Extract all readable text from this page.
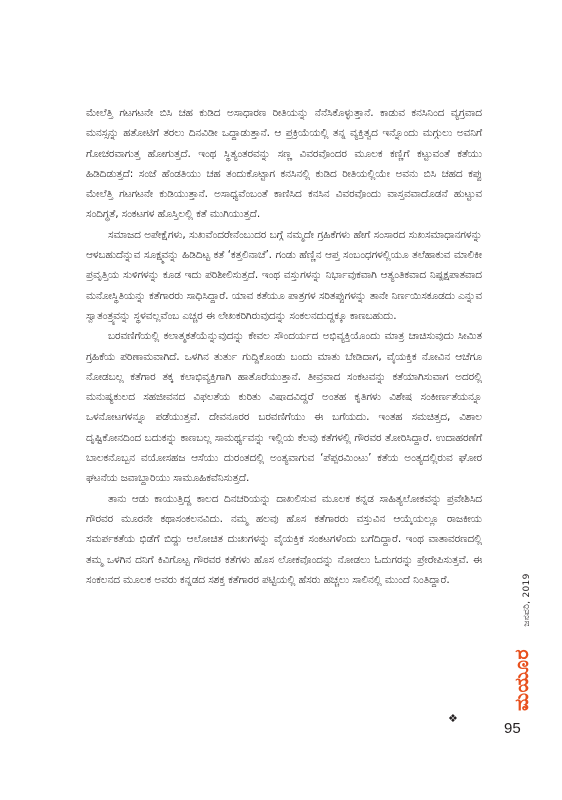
ಮೇಲೆತ್ತಿ ಗಟಗಟನೇ ಬಿಸಿ ಚಹ ಕುಡಿದ ಅಸಾಧಾರಣ ರೀತಿಯನ್ನು ನೆನೆಸಿಕೊಳ್ಳುತ್ತಾನೆ. ಕಾಡುವ ಕನಸಿನಿಂದ ವ್ಯಗ್ರವಾದ ಮನಸ್ಸನ್ನು ಹತೋಟಿಗೆ ತರಲು ದಿನವಿಡೀ ಒದ್ದಾಡುತ್ತಾನೆ. ಆ ಪ್ರಕ್ರಿಯೆಯಲ್ಲಿ ತನ್ನ ವ್ಯಕ್ತಿತ್ವದ ಇನ್ನೊಂದು ಮಗ್ಗುಲು ಅವನಿಗೆ ಗೋಚರವಾಗುತ್ತ ಹೋಗುತ್ತದೆ. ಇಂಥ ಸ್ಥಿತ್ಯಂತರವನ್ನು ಸಣ್ಣ ವಿವರವೊಂದರ ಮೂಲಕ ಕಣ್ಣಿಗೆ ಕಟ್ಟುವಂತೆ ಕತೆಯು ಹಿಡಿದಿಡುತ್ತದೆ: ಸಂಜೆ ಹೆಂಡತಿಯು ಚಹ ತಂದುಕೊಟ್ಟಾಗ ಕನಸಿನಲ್ಲಿ ಕುಡಿದ ರೀತಿಯಲ್ಲಿಯೇ ಅವನು ಬಿಸಿ ಚಹದ ಕಪ್ಪು ಮೇಲೆತ್ತಿ ಗಟಗಟನೇ ಕುಡಿಯುತ್ತಾನೆ. ಅಸಾಧ್ಯವೆಂಬಂತೆ ಕಾಣಿಸಿದ ಕನಸಿನ ವಿವರವೊಂದು ವಾಸ್ತವವಾದೊಡನೆ ಹುಟ್ಟುವ ಸಂದಿಗ್ಧತೆ, ಸಂಕಟಗಳ ಹೊಸ್ತಿಲಲ್ಲಿ ಕತೆ ಮುಗಿಯುತ್ತದೆ.

ಸಮಾಜದ ಅಪೇಕ್ಷೆಗಳು, ಸುಖವೆಂದರೇನೆಂಬುದರ ಬಗ್ಗೆ ನಮ್ಮದೇ ಗ್ರಹಿಕೆಗಳು ಹೇಗೆ ಸಂಸಾರದ ಸುಖಸಮಾಧಾನಗಳನ್ನು ಆಳಬಹುದೆನ್ನುವ ಸೂಕ್ಷ್ಮವನ್ನು ಹಿಡಿದಿಟ್ಟ ಕತೆ ‘ಕತ್ತಲಿನಾಚೆ’. ಗಂಡು ಹೆಣ್ಣಿನ ಆಪ್ತ ಸಂಬಂಧಗಳಲ್ಲಿಯೂ ತಲೆಹಾಕುವ ಮಾಲಿಕೀ ಪ್ರವೃತ್ತಿಯ ಸುಳಿಗಳನ್ನು ಕೂಡ ಇದು ಪರಿಶೀಲಿಸುತ್ತದೆ. ಇಂಥ ವಸ್ತುಗಳನ್ನು ನಿರ್ಭಾವುಕವಾಗಿ ಆತ್ಯಂತಿಕವಾದ ನಿಷ್ಪಕ್ಷಪಾತವಾದ ಮನೋಸ್ಥಿತಿಯನ್ನು ಕತೆಗಾರರು ಸಾಧಿಸಿದ್ದಾರೆ. ಯಾವ ಕತೆಯೂ ಪಾತ್ರಗಳ ಸರಿತಪ್ಪುಗಳನ್ನು ತಾನೇ ನಿರ್ಣಯಿಸಕೂಡದು ಎನ್ನುವ ಸ್ವಾತಂತ್ರ್ಯವನ್ನು ಸ್ಥಳವಲ್ಲವೆಂಬ ಎಚ್ಚರ ಈ ಲೇಖಕರಿಗಿರುವುದನ್ನು ಸಂಕಲನದುದ್ದಕ್ಕೂ ಕಾಣಬಹುದು.

ಬರವಣಿಗೆಯಲ್ಲಿ ಕಲಾತ್ಮಕತೆಯೆನ್ನುವುದನ್ನು ಕೇವಲ ಸೌಂದರ್ಯದ ಅಭಿವ್ಯಕ್ತಿಯೊಂದು ಮಾತ್ರ ಚಾಚಿಸುವುದು ಸೀಮಿತ ಗ್ರಹಿಕೆಯ ಪರಿಣಾಮವಾಗಿದೆ. ಒಳಗಿನ ತುರ್ತು ಗುದ್ದಿಕೊಂಡು ಬಂದು ಮಾತು ಬೇಡಿದಾಗ, ವೈಯಕ್ತಿಕ ನೋವಿನ ಆಚೆಗೂ ನೋಡಬಲ್ಲ ಕತೆಗಾರ ತಕ್ಕ ಕಲಾಭಿವ್ಯಕ್ತಿಗಾಗಿ ಹಾತೊರೆಯುತ್ತಾನೆ. ತೀವ್ರವಾದ ಸಂಕಟವನ್ನು ಕತೆಯಾಗಿಸುವಾಗ ಅದರಲ್ಲಿ ಮನುಷ್ಯಕುಲದ ಸಹಜೀವನದ ವಿಫಲತೆಯ ಕುರಿತು ವಿಷಾದವಿದ್ದರೆ ಅಂತಹ ಕೃತಿಗಳು ವಿಶೇಷ ಸಂಕೀರ್ಣತೆಯನ್ನೂ ಒಳನೋಟಗಳನ್ನೂ ಪಡೆಯುತ್ತವೆ. ದೇವನೂರರ ಬರವಣಿಗೆಯು ಈ ಬಗೆಯದು. ಇಂತಹ ಸಮಚಿತ್ತದ, ವಿಶಾಲ ದೃಷ್ಟಿಕೋನದಿಂದ ಬದುಕನ್ನು ಕಾಣಬಲ್ಲ ಸಾಮರ್ಥ್ಯವನ್ನು ಇಲ್ಲಿಯ ಕೆಲವು ಕತೆಗಳಲ್ಲಿ ಗೌರವರ ತೋರಿಸಿದ್ದಾರೆ. ಉದಾಹರಣೆಗೆ ಬಾಲಕನೊಬ್ಬನ ವಯೋಸಹಜ ಆಸೆಯು ದುರಂತದಲ್ಲಿ ಅಂತ್ಯವಾಗುವ ‘ಪೆಪ್ಪರಮಿಂಟು’ ಕತೆಯ ಅಂತ್ಯದಲ್ಲಿರುವ ಘೋರ ಘಟನೆಯ ಜವಾಬ್ದಾರಿಯು ಸಾಮೂಹಿಕವೆನಿಸುತ್ತದೆ.

ತಾನು ಆಡು ಕಾಯುತ್ತಿದ್ದ ಕಾಲದ ದಿನಚರಿಯನ್ನು ದಾಖಲಿಸುವ ಮೂಲಕ ಕನ್ನಡ ಸಾಹಿತ್ಯಲೋಕವನ್ನು ಪ್ರವೇಶಿಸಿದ ಗೌರವರ ಮೂರನೇ ಕಥಾಸಂಕಲನವಿದು. ನಮ್ಮ ಹಲವು ಹೊಸ ಕತೆಗಾರರು ವಸ್ತುವಿನ ಆಯ್ಕೆಯಲ್ಲೂ ರಾಜಕೀಯ ಸಮರ್ಪಕತೆಯ ಭಿಡೆಗೆ ಬಿದ್ದು ಆಲೋಚಿತ ದುಃಖಗಳನ್ನು ವೈಯಕ್ತಿಕ ಸಂಕಟಗಳೆಂದು ಬಗೆದಿದ್ದಾರೆ. ಇಂಥ ವಾತಾವರಣದಲ್ಲಿ ತಮ್ಮ ಒಳಗಿನ ದನಿಗೆ ಕಿವಿಗೊಟ್ಟ ಗೌರವರ ಕತೆಗಳು ಹೊಸ ಲೋಕವೊಂದನ್ನು ನೋಡಲು ಓದುಗರನ್ನು ಪ್ರೇರೇಪಿಸುತ್ತವೆ. ಈ ಸಂಕಲನದ ಮೂಲಕ ಅವರು ಕನ್ನಡದ ಸಶಕ್ತ ಕತೆಗಾರರ ಪಟ್ಟಿಯಲ್ಲಿ ಹೆಸರು ಹಚ್ಚಲು ಸಾಲಿನಲ್ಲಿ ಮುಂದೆ ನಿಂತಿದ್ದಾರೆ.

❖
ಜನವರಿ, 2019
ಮಯೂರ
95
